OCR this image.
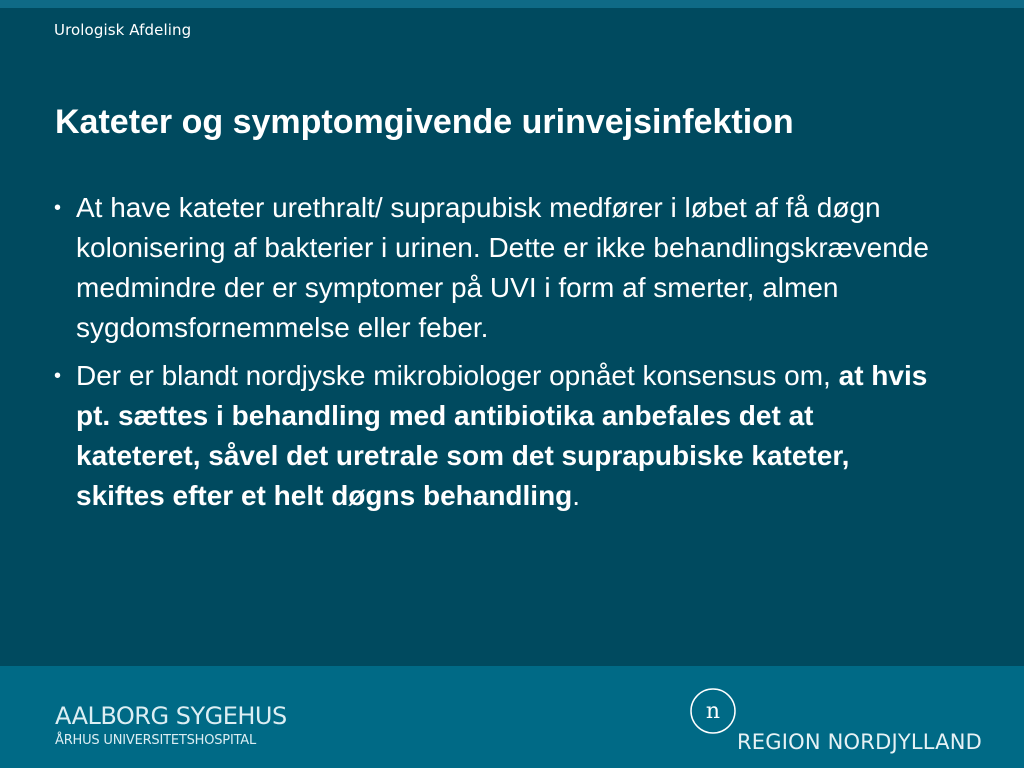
Urologisk Afdeling
Kateter og symptomgivende urinvejsinfektion
• At have kateter urethralt/ suprapubisk medfører i løbet af få døgn kolonisering af bakterier i urinen. Dette er ikke behandlingskrævende medmindre der er symptomer på UVI i form af smerter, almen sygdomsfornemmelse eller feber.
• Der er blandt nordjyske mikrobiologer opnået konsensus om, at hvis pt. sættes i behandling med antibiotika anbefales det at kateteret, såvel det uretrale som det suprapubiske kateter, skiftes efter et helt døgns behandling.
AALBORG SYGEHUS
ÅRHUS UNIVERSITETSHOSPITAL
n
REGION NORDJYLLAND
